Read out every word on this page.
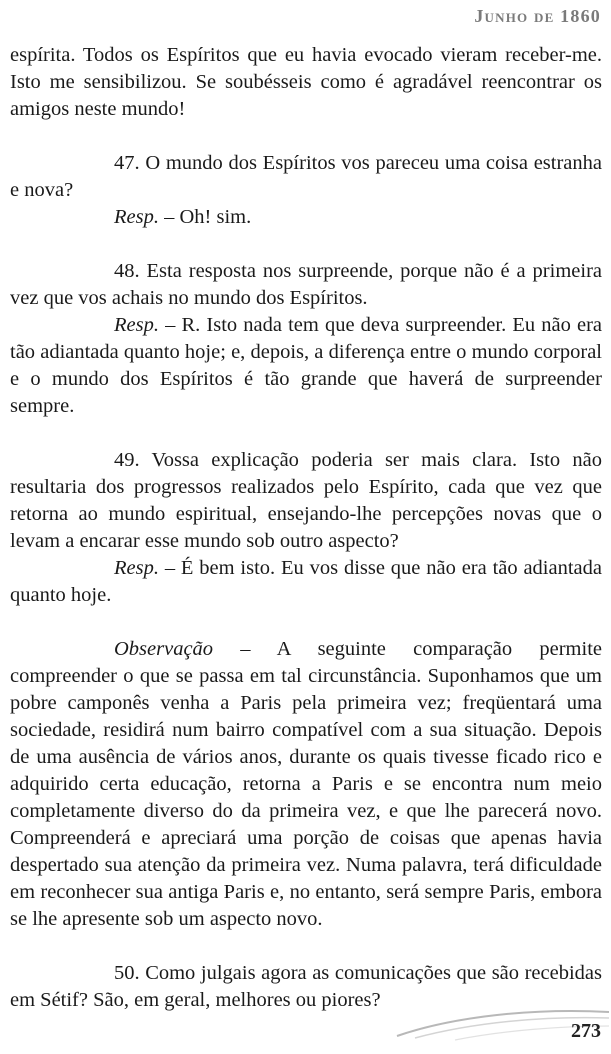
Junho de 1860

espírita. Todos os Espíritos que eu havia evocado vieram receber-me. Isto me sensibilizou. Se soubésseis como é agradável reencontrar os amigos neste mundo!

47. O mundo dos Espíritos vos pareceu uma coisa estranha e nova?

Resp. – Oh! sim.

48. Esta resposta nos surpreende, porque não é a primeira vez que vos achais no mundo dos Espíritos.

Resp. – R. Isto nada tem que deva surpreender. Eu não era tão adiantada quanto hoje; e, depois, a diferença entre o mundo corporal e o mundo dos Espíritos é tão grande que haverá de surpreender sempre.

49. Vossa explicação poderia ser mais clara. Isto não resultaria dos progressos realizados pelo Espírito, cada que vez que retorna ao mundo espiritual, ensejando-lhe percepções novas que o levam a encarar esse mundo sob outro aspecto?

Resp. – É bem isto. Eu vos disse que não era tão adiantada quanto hoje.

Observação – A seguinte comparação permite compreender o que se passa em tal circunstância. Suponhamos que um pobre camponês venha a Paris pela primeira vez; freqüentará uma sociedade, residirá num bairro compatível com a sua situação. Depois de uma ausência de vários anos, durante os quais tivesse ficado rico e adquirido certa educação, retorna a Paris e se encontra num meio completamente diverso do da primeira vez, e que lhe parecerá novo. Compreenderá e apreciará uma porção de coisas que apenas havia despertado sua atenção da primeira vez. Numa palavra, terá dificuldade em reconhecer sua antiga Paris e, no entanto, será sempre Paris, embora se lhe apresente sob um aspecto novo.

50. Como julgais agora as comunicações que são recebidas em Sétif? São, em geral, melhores ou piores?

273
